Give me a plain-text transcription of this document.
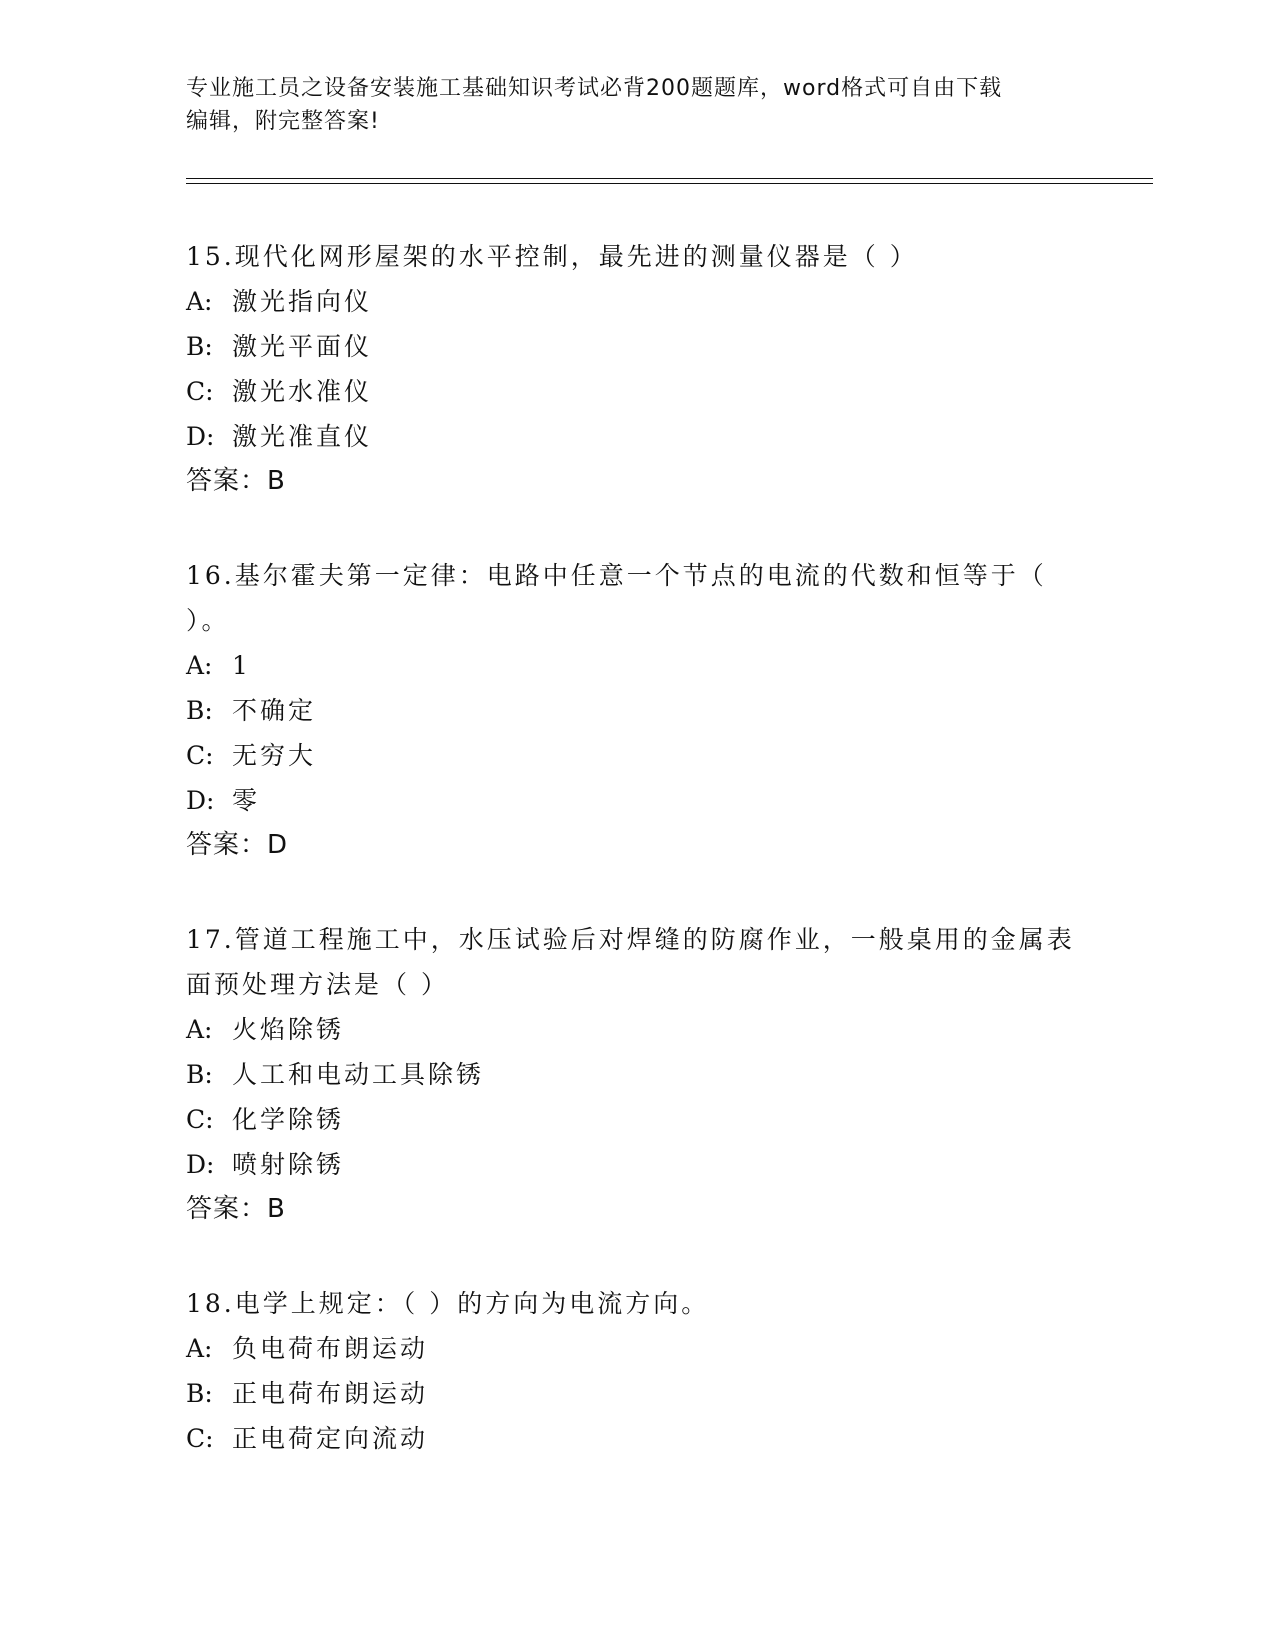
专业施工员之设备安装施工基础知识考试必背200题题库，word格式可自由下载
编辑，附完整答案!
15.现代化网形屋架的水平控制，最先进的测量仪器是（ ）
A: 激光指向仪
B: 激光平面仪
C: 激光水准仪
D: 激光准直仪
答案：B
16.基尔霍夫第一定律：电路中任意一个节点的电流的代数和恒等于（ ）。
A: 1
B: 不确定
C: 无穷大
D: 零
答案：D
17.管道工程施工中，水压试验后对焊缝的防腐作业，一般桌用的金属表面预处理方法是（ ）
A: 火焰除锈
B: 人工和电动工具除锈
C: 化学除锈
D: 喷射除锈
答案：B
18.电学上规定：（ ）的方向为电流方向。
A: 负电荷布朗运动
B: 正电荷布朗运动
C: 正电荷定向流动
